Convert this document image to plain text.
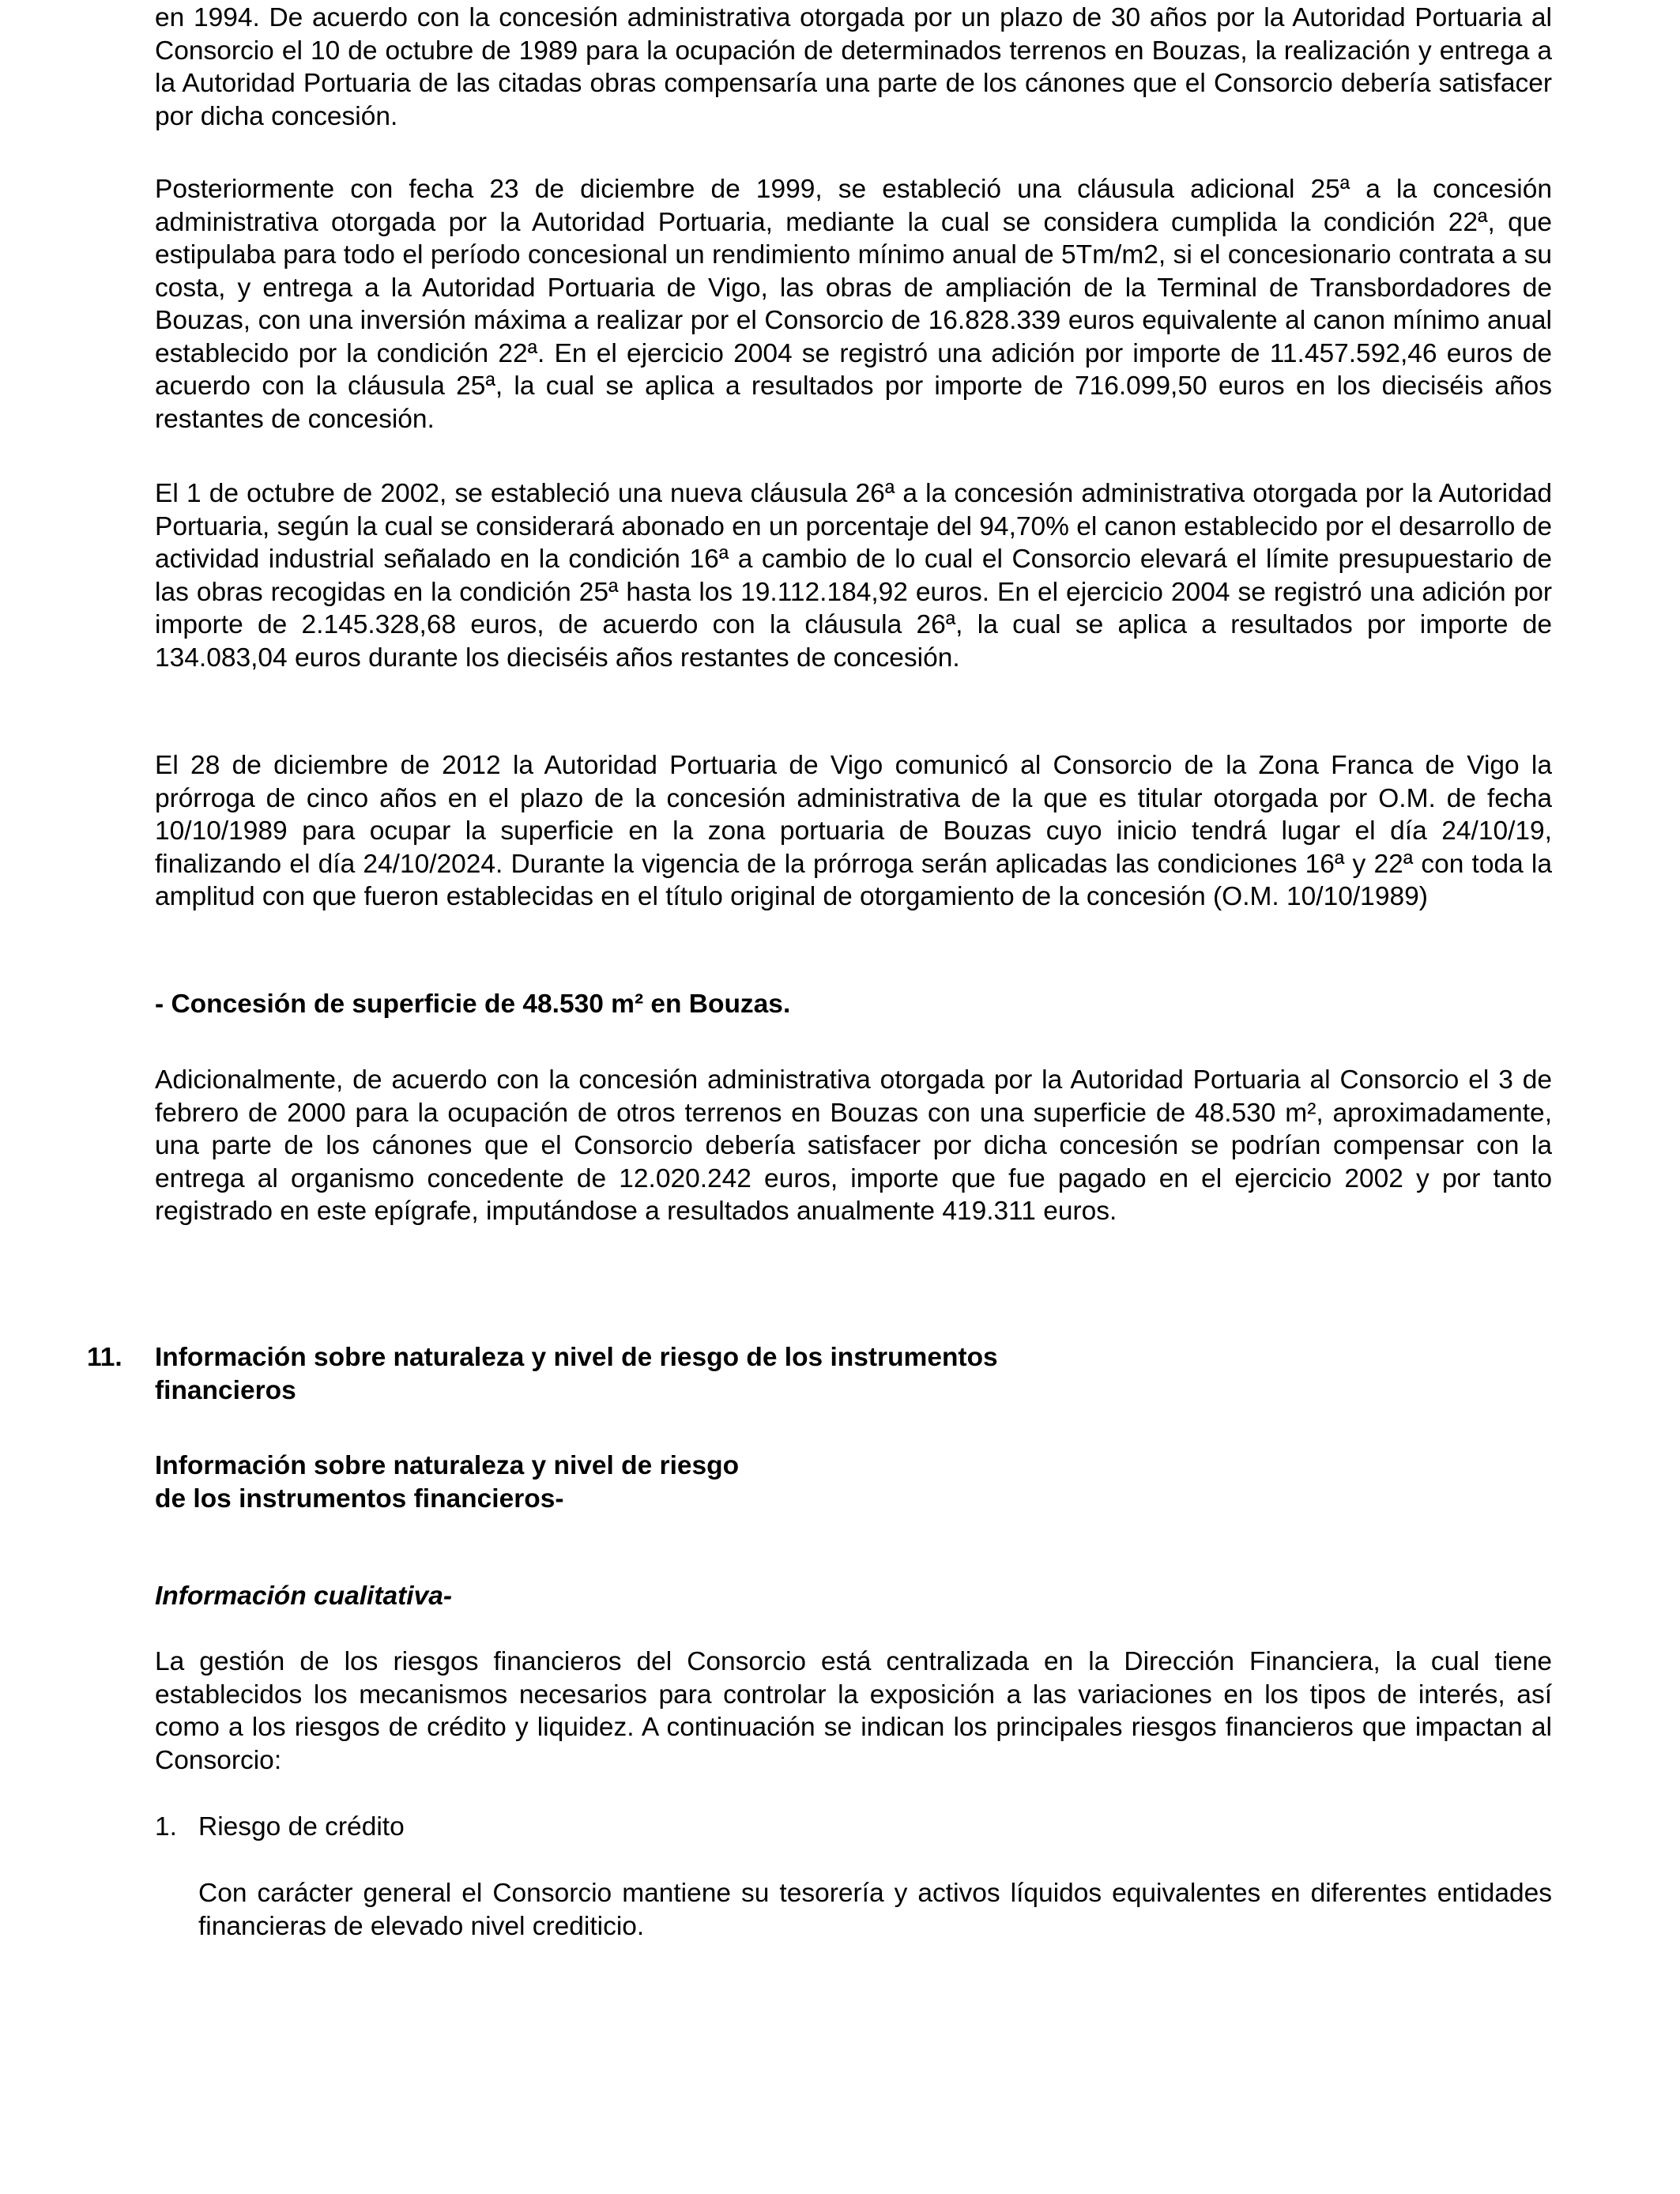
en 1994. De acuerdo con la concesión administrativa otorgada por un plazo de 30 años por la Autoridad Portuaria al Consorcio el 10 de octubre de 1989 para la ocupación de determinados terrenos en Bouzas, la realización y entrega a la Autoridad Portuaria de las citadas obras compensaría una parte de los cánones que el Consorcio debería satisfacer por dicha concesión.

Posteriormente con fecha 23 de diciembre de 1999, se estableció una cláusula adicional 25ª a la concesión administrativa otorgada por la Autoridad Portuaria, mediante la cual se considera cumplida la condición 22ª, que estipulaba para todo el período concesional un rendimiento mínimo anual de 5Tm/m2, si el concesionario contrata a su costa, y entrega a la Autoridad Portuaria de Vigo, las obras de ampliación de la Terminal de Transbordadores de Bouzas, con una inversión máxima a realizar por el Consorcio de 16.828.339 euros equivalente al canon mínimo anual establecido por la condición 22ª. En el ejercicio 2004 se registró una adición por importe de 11.457.592,46 euros de acuerdo con la cláusula 25ª, la cual se aplica a resultados por importe de 716.099,50 euros en los dieciséis años restantes de concesión.

El 1 de octubre de 2002, se estableció una nueva cláusula 26ª a la concesión administrativa otorgada por la Autoridad Portuaria, según la cual se considerará abonado en un porcentaje del 94,70% el canon establecido por el desarrollo de actividad industrial señalado en la condición 16ª a cambio de lo cual el Consorcio elevará el límite presupuestario de las obras recogidas en la condición 25ª hasta los 19.112.184,92 euros. En el ejercicio 2004 se registró una adición por importe de 2.145.328,68 euros, de acuerdo con la cláusula 26ª, la cual se aplica a resultados por importe de 134.083,04 euros durante los dieciséis años restantes de concesión.

El 28 de diciembre de 2012 la Autoridad Portuaria de Vigo comunicó al Consorcio de la Zona Franca de Vigo la prórroga de cinco años en el plazo de la concesión administrativa de la que es titular otorgada por O.M. de fecha 10/10/1989 para ocupar la superficie en la zona portuaria de Bouzas cuyo inicio tendrá lugar el día 24/10/19, finalizando el día 24/10/2024. Durante la vigencia de la prórroga serán aplicadas las condiciones 16ª y 22ª con toda la amplitud con que fueron establecidas en el título original de otorgamiento de la concesión (O.M. 10/10/1989)

- Concesión de superficie de 48.530 m² en Bouzas.

Adicionalmente, de acuerdo con la concesión administrativa otorgada por la Autoridad Portuaria al Consorcio el 3 de febrero de 2000 para la ocupación de otros terrenos en Bouzas con una superficie de 48.530 m², aproximadamente, una parte de los cánones que el Consorcio debería satisfacer por dicha concesión se podrían compensar con la entrega al organismo concedente de 12.020.242 euros, importe que fue pagado en el ejercicio 2002 y por tanto registrado en este epígrafe, imputándose a resultados anualmente 419.311 euros.

11. Información sobre naturaleza y nivel de riesgo de los instrumentos
financieros
Información sobre naturaleza y nivel de riesgo
de los instrumentos financieros-

Información cualitativa-

La gestión de los riesgos financieros del Consorcio está centralizada en la Dirección Financiera, la cual tiene establecidos los mecanismos necesarios para controlar la exposición a las variaciones en los tipos de interés, así como a los riesgos de crédito y liquidez. A continuación se indican los principales riesgos financieros que impactan al Consorcio:

1. Riesgo de crédito

Con carácter general el Consorcio mantiene su tesorería y activos líquidos equivalentes en diferentes entidades financieras de elevado nivel crediticio.
